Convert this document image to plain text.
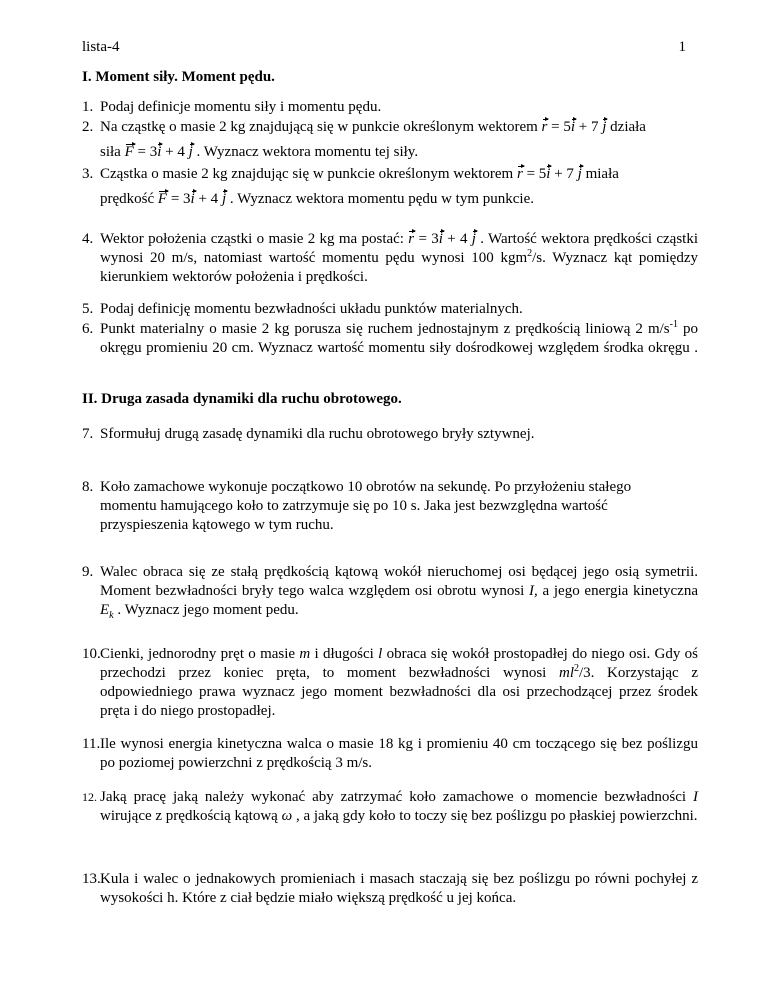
lista-4	1
I. Moment siły. Moment pędu.
1. Podaj definicje momentu siły i momentu pędu.
2. Na cząstkę o masie 2 kg znajdującą się w punkcie określonym wektorem r = 5i + 7 j działa
siła F = 3i + 4 j . Wyznacz wektora momentu tej siły.
3. Cząstka o masie 2 kg znajdując się w punkcie określonym wektorem r = 5i + 7 j miała
prędkość F = 3i + 4 j . Wyznacz wektora momentu pędu w tym punkcie.
4. Wektor położenia cząstki o masie 2 kg ma postać: r = 3i + 4 j . Wartość wektora prędkości cząstki wynosi 20 m/s, natomiast wartość momentu pędu wynosi 100 kgm$^2$/s. Wyznacz kąt pomiędzy kierunkiem wektorów położenia i prędkości.
5. Podaj definicję momentu bezwładności układu punktów materialnych.
6. Punkt materialny o masie 2 kg porusza się ruchem jednostajnym z prędkością liniową 2 $m/s^{-1}$ po okręgu promieniu 20 cm. Wyznacz wartość momentu siły dośrodkowej względem środka okręgu .
II. Druga zasada dynamiki dla ruchu obrotowego.
7. Sformułuj drugą zasadę dynamiki dla ruchu obrotowego bryły sztywnej.
8. Koło zamachowe wykonuje początkowo 10 obrotów na sekundę. Po przyłożeniu stałego momentu hamującego koło to zatrzymuje się po 10 s. Jaka jest bezwzględna wartość przyspieszenia kątowego w tym ruchu.
9. Walec obraca się ze stałą prędkością kątową wokół nieruchomej osi będącej jego osią symetrii. Moment bezwładności bryły tego walca względem osi obrotu wynosi I, a jego energia kinetyczna $E_k$ . Wyznacz jego moment pedu.
10. Cienki, jednorodny pręt o masie m i długości l obraca się wokół prostopadłej do niego osi. Gdy oś przechodzi przez koniec pręta, to moment bezwładności wynosi $ml^2/3$. Korzystając z odpowiedniego prawa wyznacz jego moment bezwładności dla osi przechodzącej przez środek pręta i do niego prostopadłej.
11. Ile wynosi energia kinetyczna walca o masie 18 kg i promieniu 40 cm toczącego się bez poślizgu po poziomej powierzchni z prędkością 3 m/s.
12. Jaką pracę jaką należy wykonać aby zatrzymać koło zamachowe o momencie bezwładności I wirujące z prędkością kątową ω , a jaką gdy koło to toczy się bez poślizgu po płaskiej powierzchni.
13. Kula i walec o jednakowych promieniach i masach staczają się bez poślizgu po równi pochyłej z wysokości h. Które z ciał będzie miało większą prędkość u jej końca.
